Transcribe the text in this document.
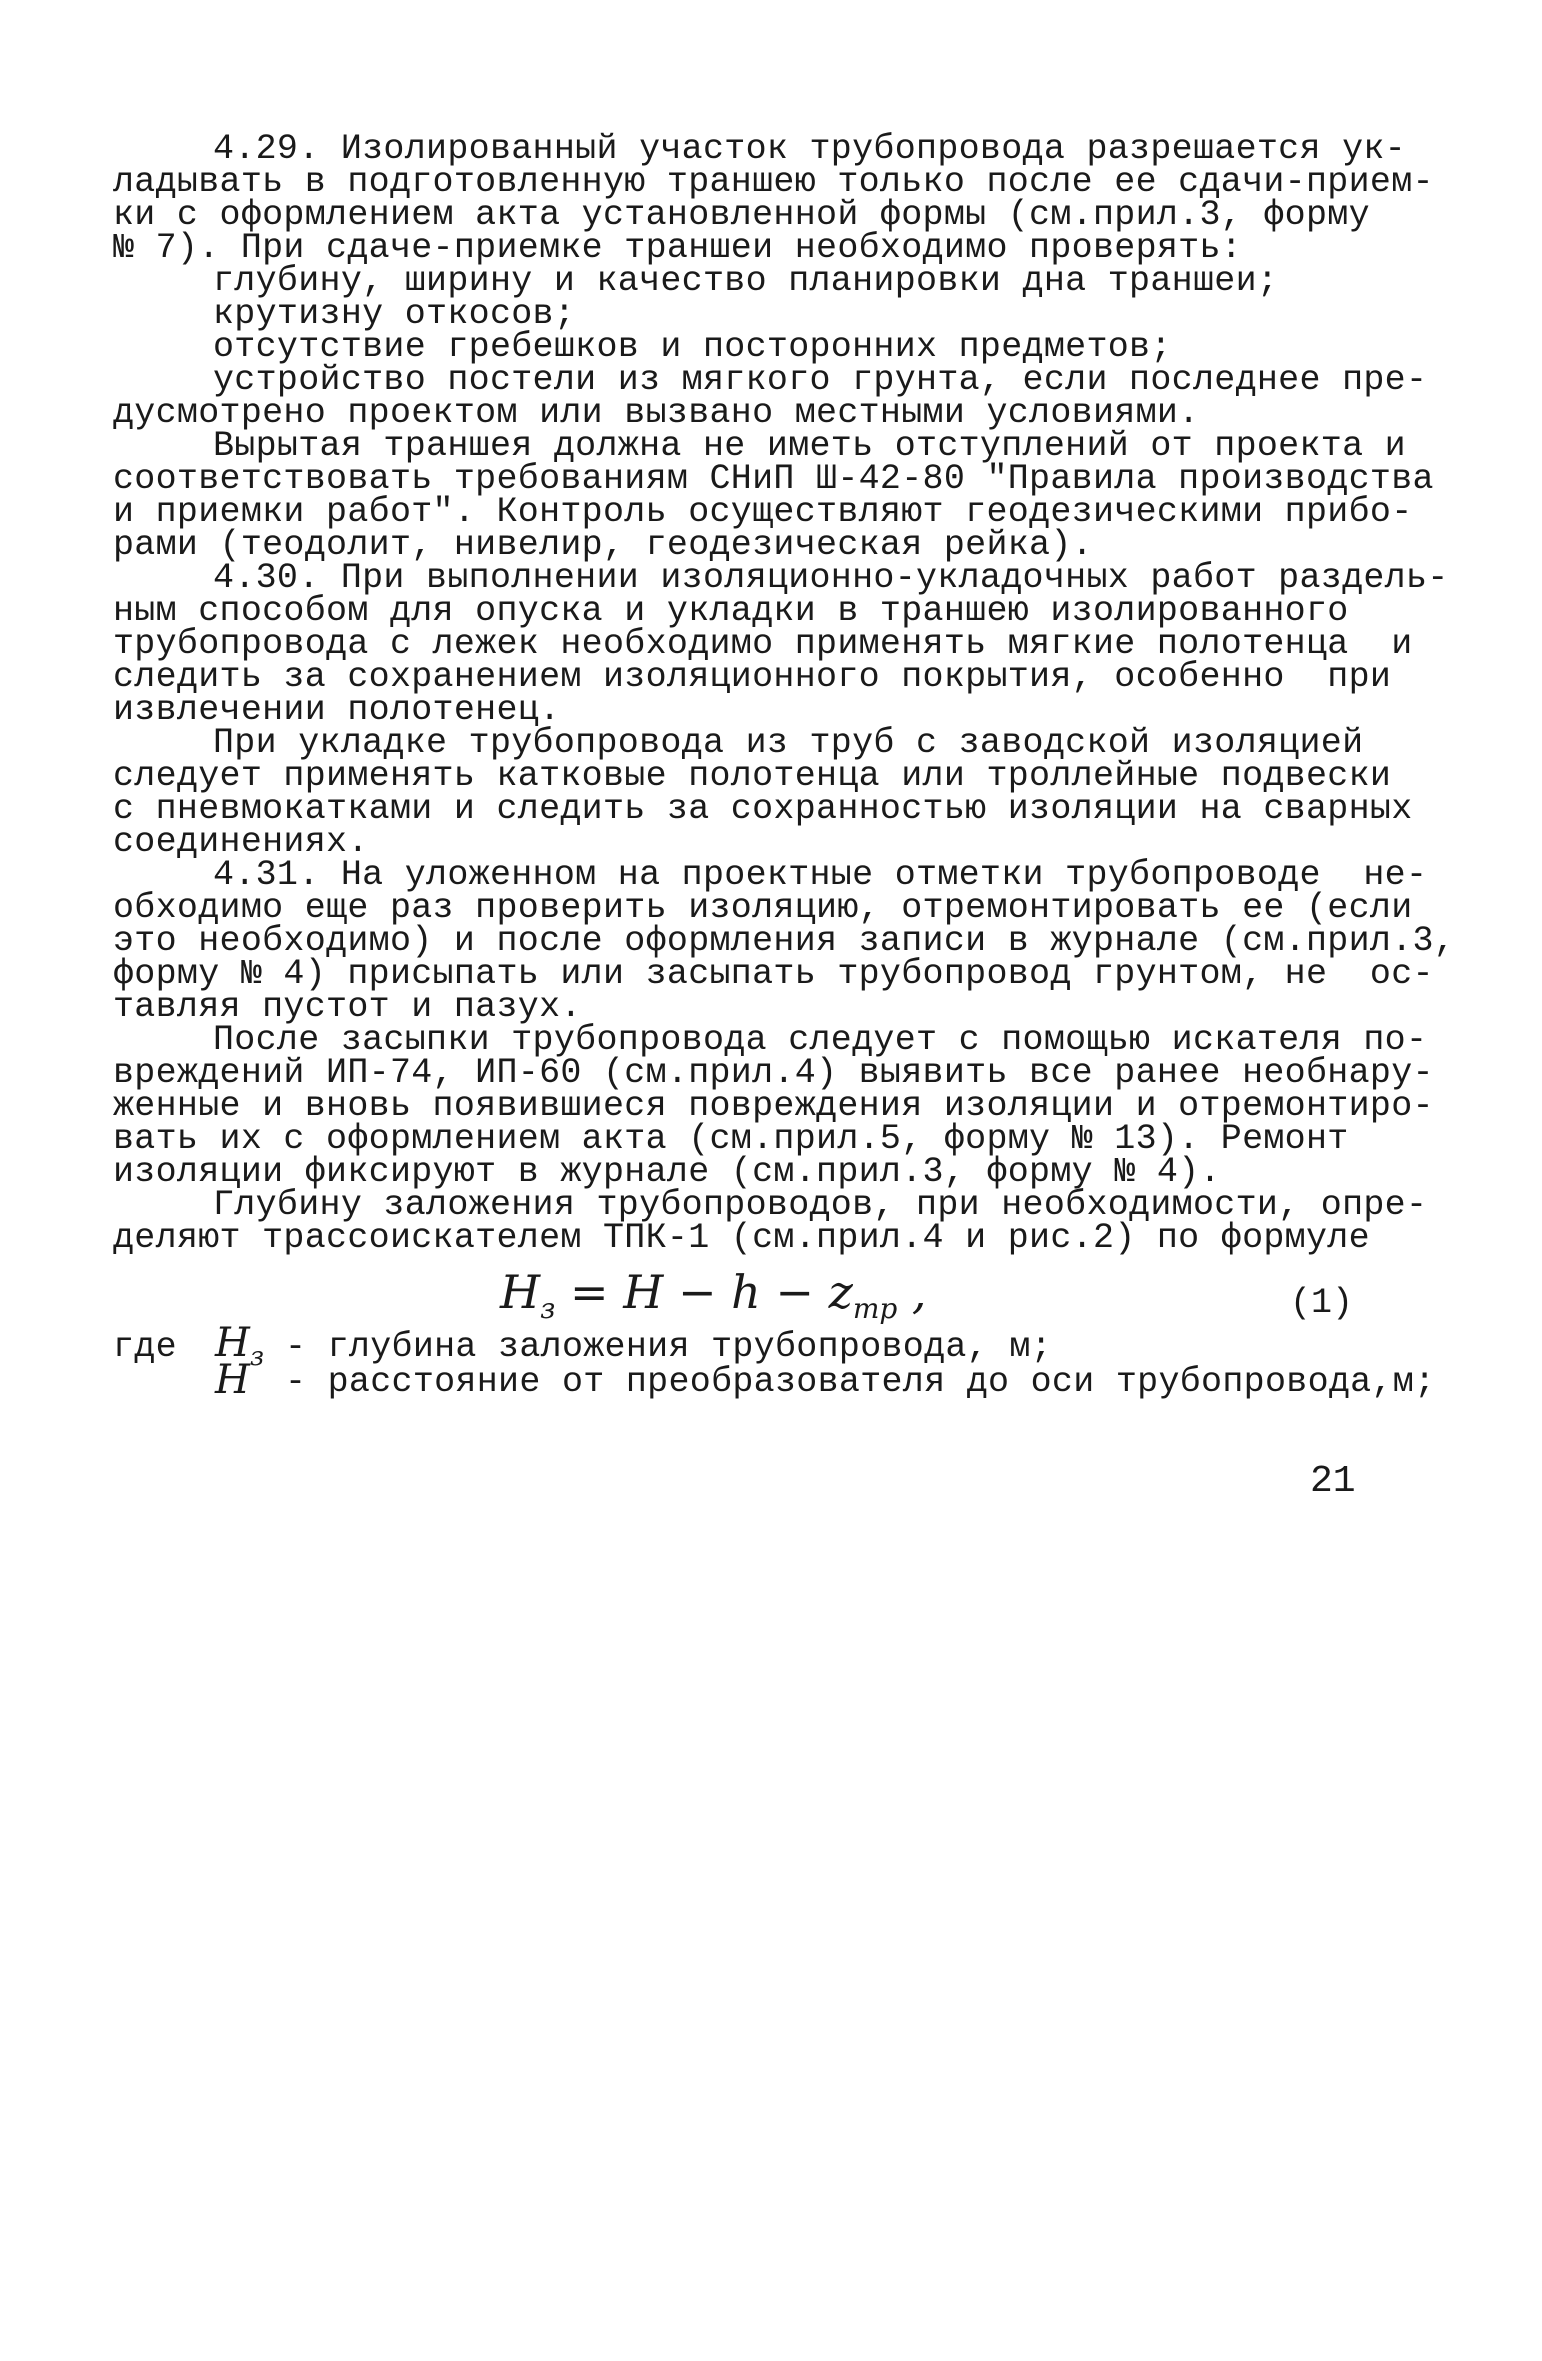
4.29. Изолированный участок трубопровода разрешается ук-
ладывать в подготовленную траншею только после ее сдачи-прием-
ки с оформлением акта установленной формы (см.прил.3, форму
№ 7). При сдаче-приемке траншеи необходимо проверять:
глубину, ширину и качество планировки дна траншеи;
крутизну откосов;
отсутствие гребешков и посторонних предметов;
устройство постели из мягкого грунта, если последнее пре-
дусмотрено проектом или вызвано местными условиями.
Вырытая траншея должна не иметь отступлений от проекта и
соответствовать требованиям СНиП Ш-42-80 "Правила производства
и приемки работ". Контроль осуществляют геодезическими прибо-
рами (теодолит, нивелир, геодезическая рейка).
4.30. При выполнении изоляционно-укладочных работ раздель-
ным способом для опуска и укладки в траншею изолированного
трубопровода с лежек необходимо применять мягкие полотенца  и
следить за сохранением изоляционного покрытия, особенно  при
извлечении полотенец.
При укладке трубопровода из труб с заводской изоляцией
следует применять катковые полотенца или троллейные подвески
с пневмокатками и следить за сохранностью изоляции на сварных
соединениях.
4.31. На уложенном на проектные отметки трубопроводе  не-
обходимо еще раз проверить изоляцию, отремонтировать ее (если
это необходимо) и после оформления записи в журнале (см.прил.3,
форму № 4) присыпать или засыпать трубопровод грунтом, не  ос-
тавляя пустот и пазух.
После засыпки трубопровода следует с помощью искателя по-
вреждений ИП-74, ИП-60 (см.прил.4) выявить все ранее необнару-
женные и вновь появившиеся повреждения изоляции и отремонтиро-
вать их с оформлением акта (см.прил.5, форму № 13). Ремонт
изоляции фиксируют в журнале (см.прил.3, форму № 4).
Глубину заложения трубопроводов, при необходимости, опре-
деляют трассоискателем ТПК-1 (см.прил.4 и рис.2) по формуле
$H_з = H - h - z_{тр}$ ,	(1)
где $H_з$ - глубина заложения трубопровода, м;
H - расстояние от преобразователя до оси трубопровода,м;
21
